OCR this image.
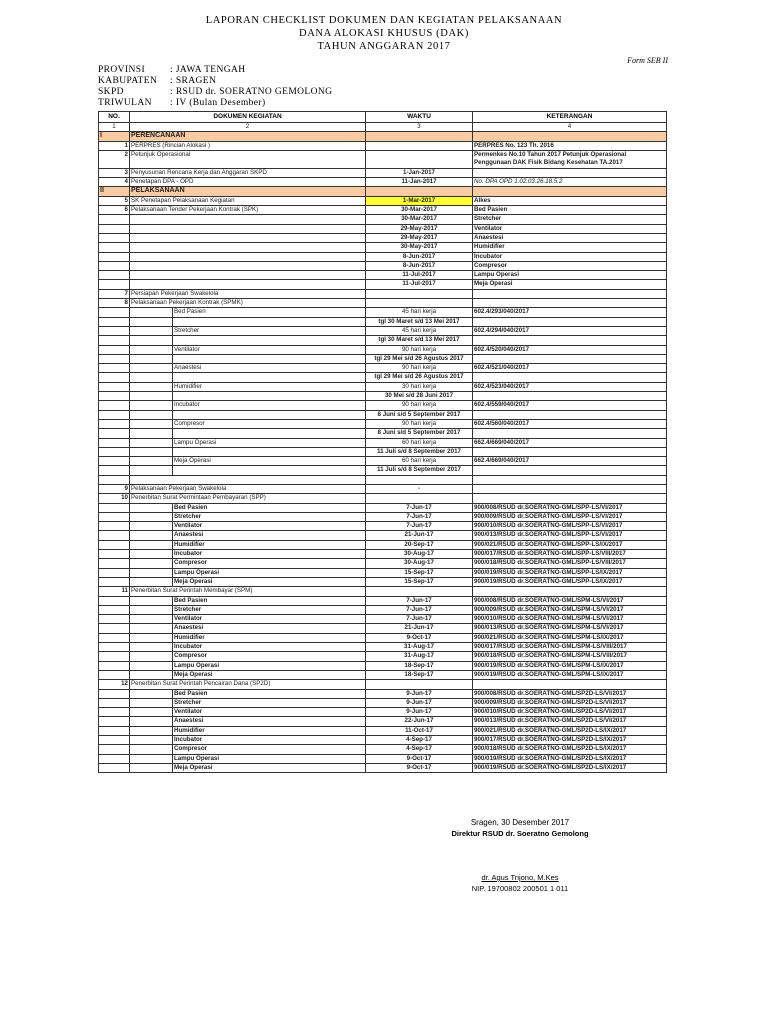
LAPORAN CHECKLIST DOKUMEN DAN KEGIATAN PELAKSANAAN
DANA ALOKASI KHUSUS (DAK)
TAHUN ANGGARAN 2017
Form SEB II
PROVINSI	: JAWA TENGAH
KABUPATEN	: SRAGEN
SKPD	: RSUD dr. SOERATNO GEMOLONG
TRIWULAN	: IV (Bulan Desember)
NO.	DOKUMEN KEGIATAN		WAKTU	KETERANGAN
1	2		3	4
I	PERENCANAAN			
1	PERPRES (Rincian Alokasi )			PERPRES No. 123 Th. 2016
2	Petunjuk Operasional			Permenkes No.10 Tahun 2017 Petunjuk Operasional Penggunaan DAK Fisik Bidang Kesehatan TA.2017
3	Penyusunan Rencana Kerja dan Anggaran SKPD		1-Jan-2017	
4	Penetapan DPA - OPD		11-Jan-2017	No. DPA OPD 1.02.03.26.18.5.2
II	PELAKSANAAN			
5	SK Penetapan Pelaksanaan Kegiatan		1-Mar-2017	Alkes
6	Pelaksanaan Tender Pekerjaan Kontrak (SPK)		30-Mar-2017	Bed Pasien
			30-Mar-2017	Stretcher
			29-May-2017	Ventilator
			29-May-2017	Anaestesi
			30-May-2017	Humidifier
			8-Jun-2017	Incubator
			8-Jun-2017	Compresor
			11-Jul-2017	Lampu Operasi
			11-Jul-2017	Meja Operasi
7	Persiapan Pekerjaan Swakelola			
8	Pelaksanaan Pekerjaan Kontrak (SPMK)			
		Bed Pasien	45 hari kerja	602.4/293/040/2017
			tgl 30 Maret s/d 13 Mei 2017	
		Stretcher	45 hari kerja	602.4/294/040/2017
			tgl 30 Maret s/d 13 Mei 2017	
		Ventilator	90 hari kerja	602.4/520/040/2017
			tgl 29 Mei s/d 26 Agustus 2017	
		Anaestesi	90 hari kerja	602.4/521/040/2017
			tgl 29 Mei s/d 26 Agustus 2017	
		Humidifier	30 hari kerja	602.4/523/040/2017
			30 Mei s/d 28 Juni 2017	
		Incubator	90 hari kerja	602.4/559/040/2017
			8 Juni s/d 5 September 2017	
		Compresor	90 hari kerja	602.4/560/040/2017
			8 Juni s/d 5 September 2017	
		Lampu Operasi	60 hari kerja	662.4/669/040/2017
			11 Juli s/d 8 September 2017	
		Meja Operasi	60 hari kerja	662.4/669/040/2017
			11 Juli s/d 8 September 2017	

9	Pelaksanaan Pekerjaan Swakelola		-	
10	Penerbitan Surat Permintaan Pembayaran (SPP)			
		Bed Pasien	7-Jun-17	900/008/RSUD dr.SOERATNO-GML/SPP-LS/VI/2017
		Stretcher	7-Jun-17	900/009/RSUD dr.SOERATNO-GML/SPP-LS/VI/2017
		Ventilator	7-Jun-17	900/010/RSUD dr.SOERATNO-GML/SPP-LS/VI/2017
		Anaestesi	21-Jun-17	900/013/RSUD dr.SOERATNO-GML/SPP-LS/VI/2017
		Humidifier	20-Sep-17	900/021/RSUD dr.SOERATNO-GML/SPP-LS/IX/2017
		Incubator	30-Aug-17	900/017/RSUD dr.SOERATNO-GML/SPP-LS/VIII/2017
		Compresor	30-Aug-17	900/018/RSUD dr.SOERATNO-GML/SPP-LS/VIII/2017
		Lampu Operasi	15-Sep-17	900/019/RSUD dr.SOERATNO-GML/SPP-LS/IX/2017
		Meja Operasi	15-Sep-17	900/019/RSUD dr.SOERATNO-GML/SPP-LS/IX/2017
11	Penerbitan Surat Perintah Membayar (SPM)			
		Bed Pasien	7-Jun-17	900/008/RSUD dr.SOERATNO-GML/SPM-LS/VI/2017
		Stretcher	7-Jun-17	900/009/RSUD dr.SOERATNO-GML/SPM-LS/VI/2017
		Ventilator	7-Jun-17	900/010/RSUD dr.SOERATNO-GML/SPM-LS/VI/2017
		Anaestesi	21-Jun-17	900/013/RSUD dr.SOERATNO-GML/SPM-LS/VI/2017
		Humidifier	9-Oct-17	900/021/RSUD dr.SOERATNO-GML/SPM-LS/IX/2017
		Incubator	31-Aug-17	900/017/RSUD dr.SOERATNO-GML/SPM-LS/VIII/2017
		Compresor	31-Aug-17	900/018/RSUD dr.SOERATNO-GML/SPM-LS/VIII/2017
		Lampu Operasi	18-Sep-17	900/019/RSUD dr.SOERATNO-GML/SPM-LS/IX/2017
		Meja Operasi	18-Sep-17	900/019/RSUD dr.SOERATNO-GML/SPM-LS/IX/2017
12	Penerbitan Surat Perintah Pencairan Dana (SP2D)			
		Bed Pasien	9-Jun-17	900/008/RSUD dr.SOERATNO-GML/SP2D-LS/VI/2017
		Stretcher	9-Jun-17	900/009/RSUD dr.SOERATNO-GML/SP2D-LS/VI/2017
		Ventilator	9-Jun-17	900/010/RSUD dr.SOERATNO-GML/SP2D-LS/VI/2017
		Anaestesi	22-Jun-17	900/013/RSUD dr.SOERATNO-GML/SP2D-LS/VI/2017
		Humidifier	11-Oct-17	900/021/RSUD dr.SOERATNO-GML/SP2D-LS/IX/2017
		Incubator	4-Sep-17	900/017/RSUD dr.SOERATNO-GML/SP2D-LS/IX/2017
		Compresor	4-Sep-17	900/018/RSUD dr.SOERATNO-GML/SP2D-LS/IX/2017
		Lampu Operasi	9-Oct-17	900/019/RSUD dr.SOERATNO-GML/SP2D-LS/IX/2017
		Meja Operasi	9-Oct-17	900/019/RSUD dr.SOERATNO-GML/SP2D-LS/IX/2017
Sragen, 30 Desember 2017
Direktur RSUD dr. Soeratno Gemolong
dr. Agus Trijono, M.Kes
NIP. 19700802 200501 1 011
